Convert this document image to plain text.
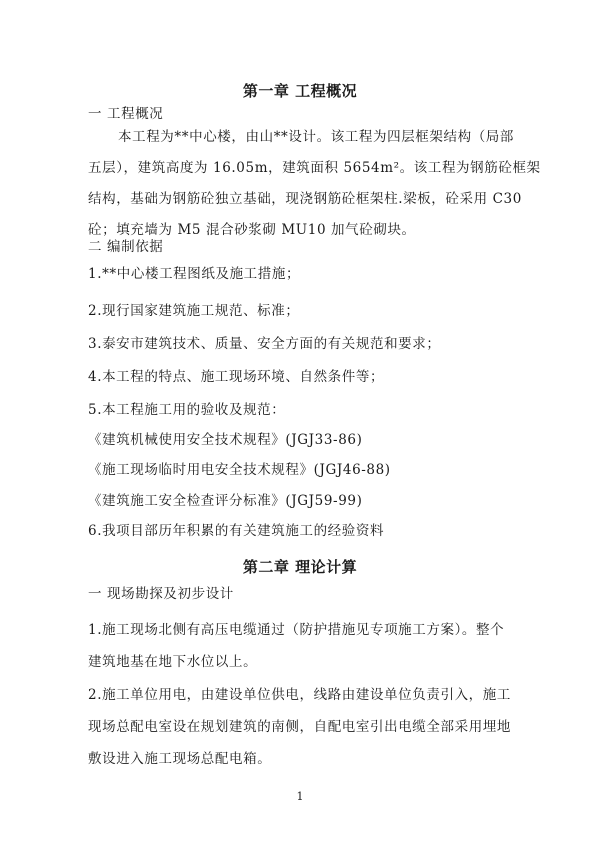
第一章 工程概况
一 工程概况
本工程为**中心楼，由山**设计。该工程为四层框架结构（局部
五层），建筑高度为 16.05m，建筑面积 5654m²。该工程为钢筋砼框架
结构，基础为钢筋砼独立基础，现浇钢筋砼框架柱.梁板，砼采用 C30
砼；填充墙为 M5 混合砂浆砌 MU10 加气砼砌块。
二 编制依据
1.**中心楼工程图纸及施工措施；
2.现行国家建筑施工规范、标准；
3.泰安市建筑技术、质量、安全方面的有关规范和要求；
4.本工程的特点、施工现场环境、自然条件等；
5.本工程施工用的验收及规范：
《建筑机械使用安全技术规程》(JGJ33-86)
《施工现场临时用电安全技术规程》(JGJ46-88)
《建筑施工安全检查评分标准》(JGJ59-99)
6.我项目部历年积累的有关建筑施工的经验资料
第二章 理论计算
一 现场勘探及初步设计
1.施工现场北侧有高压电缆通过（防护措施见专项施工方案）。整个
建筑地基在地下水位以上。
2.施工单位用电，由建设单位供电，线路由建设单位负责引入，施工
现场总配电室设在规划建筑的南侧，自配电室引出电缆全部采用埋地
敷设进入施工现场总配电箱。
1
